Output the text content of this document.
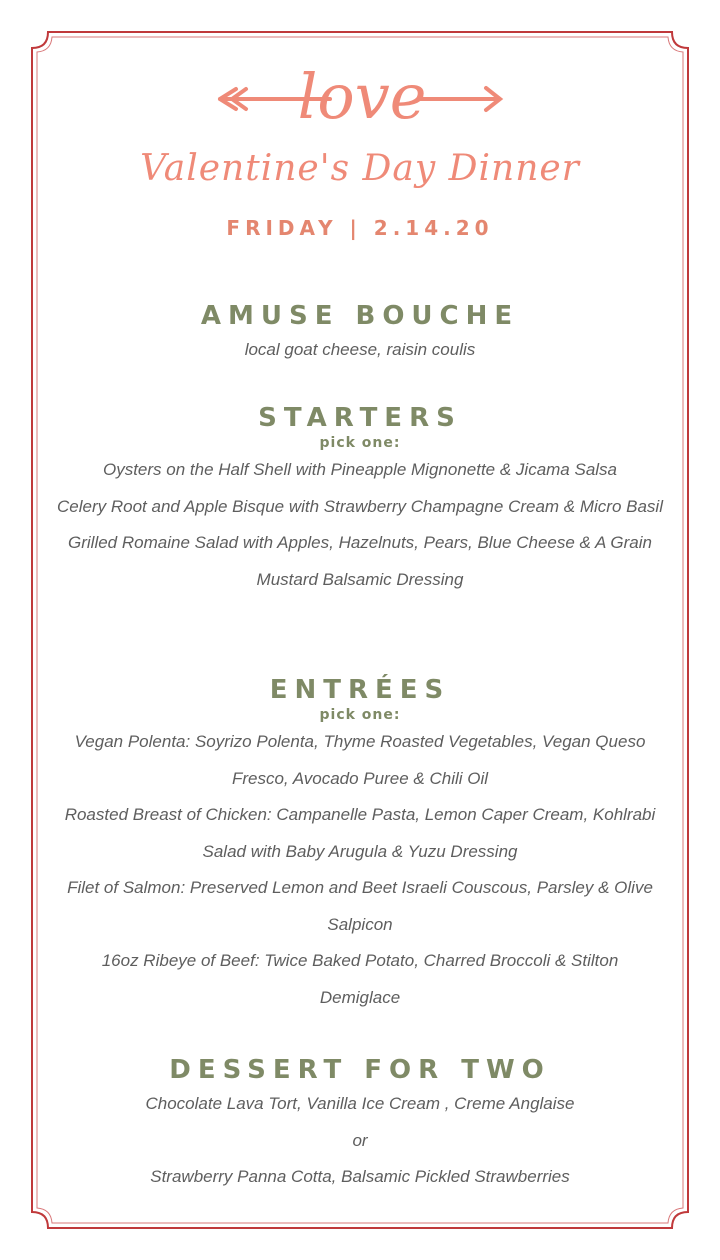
love
Valentine's Day Dinner
FRIDAY | 2.14.20

AMUSE BOUCHE

local goat cheese, raisin coulis

STARTERS

pick one:

Oysters on the Half Shell with Pineapple Mignonette & Jicama Salsa

Celery Root and Apple Bisque with Strawberry Champagne Cream & Micro Basil

Grilled Romaine Salad with Apples, Hazelnuts, Pears, Blue Cheese & A Grain Mustard Balsamic Dressing

ENTRÉES

pick one:

Vegan Polenta: Soyrizo Polenta, Thyme Roasted Vegetables, Vegan Queso Fresco, Avocado Puree & Chili Oil

Roasted Breast of Chicken: Campanelle Pasta, Lemon Caper Cream, Kohlrabi Salad with Baby Arugula & Yuzu Dressing

Filet of Salmon: Preserved Lemon and Beet Israeli Couscous, Parsley & Olive Salpicon

16oz Ribeye of Beef: Twice Baked Potato, Charred Broccoli & Stilton Demiglace

DESSERT FOR TWO

Chocolate Lava Tort, Vanilla Ice Cream , Creme Anglaise

or

Strawberry Panna Cotta, Balsamic Pickled Strawberries
